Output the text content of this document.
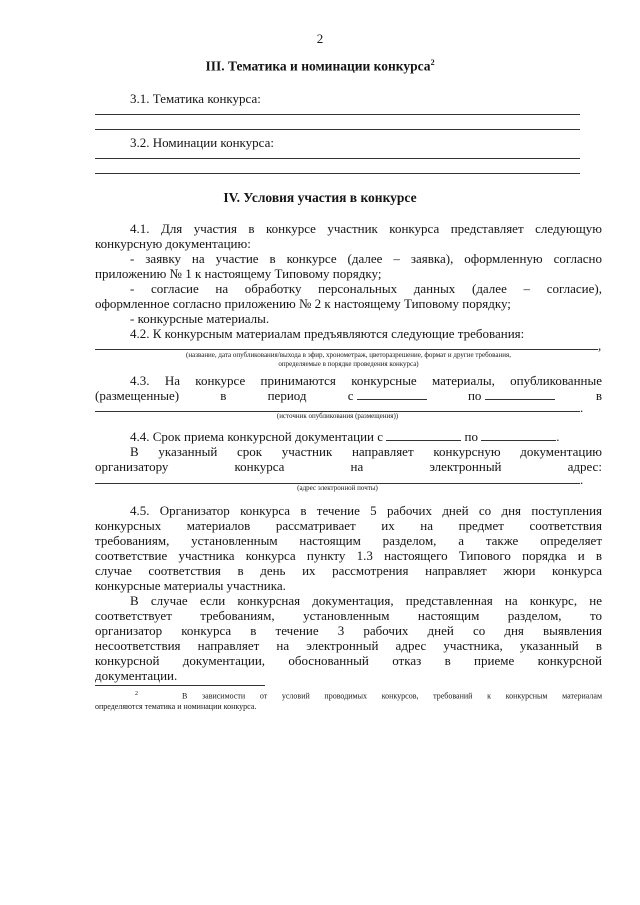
2
III. Тематика и номинации конкурса$^2$
3.1. Тематика конкурса:
3.2. Номинации конкурса:
IV. Условия участия в конкурсе
4.1. Для участия в конкурсе участник конкурса представляет следующую
конкурсную документацию:
- заявку на участие в конкурсе (далее – заявка), оформленную согласно
приложению № 1 к настоящему Типовому порядку;
- согласие на обработку персональных данных (далее – согласие),
оформленное согласно приложению № 2 к настоящему Типовому порядку;
- конкурсные материалы.
4.2. К конкурсным материалам предъявляются следующие требования:
,
(название, дата опубликования/выхода в эфир, хронометраж, цветоразрешение, формат и другие требования,
определяемые в порядке проведения конкурса)
4.3. На конкурсе принимаются конкурсные материалы, опубликованные
(размещенные)	в	период	с	по	в
.
(источник опубликования (размещения))
4.4. Срок приема конкурсной документации с	по	.
В указанный срок участник направляет конкурсную документацию
организатору	конкурса	на	электронный	адрес:
.
(адрес электронной почты)
4.5. Организатор конкурса в течение 5 рабочих дней со дня поступления
конкурсных материалов рассматривает их на предмет соответствия
требованиям, установленным настоящим разделом, а также определяет
соответствие участника конкурса пункту 1.3 настоящего Типового порядка и в
случае соответствия в день их рассмотрения направляет жюри конкурса
конкурсные материалы участника.
В случае если конкурсная документация, представленная на конкурс, не
соответствует требованиям, установленным настоящим разделом, то
организатор конкурса в течение 3 рабочих дней со дня выявления
несоответствия направляет на электронный адрес участника, указанный в
конкурсной документации, обоснованный отказ в приеме конкурсной
документации.
$^2$	В зависимости от условий проводимых конкурсов, требований к конкурсным материалам
определяются тематика и номинации конкурса.
